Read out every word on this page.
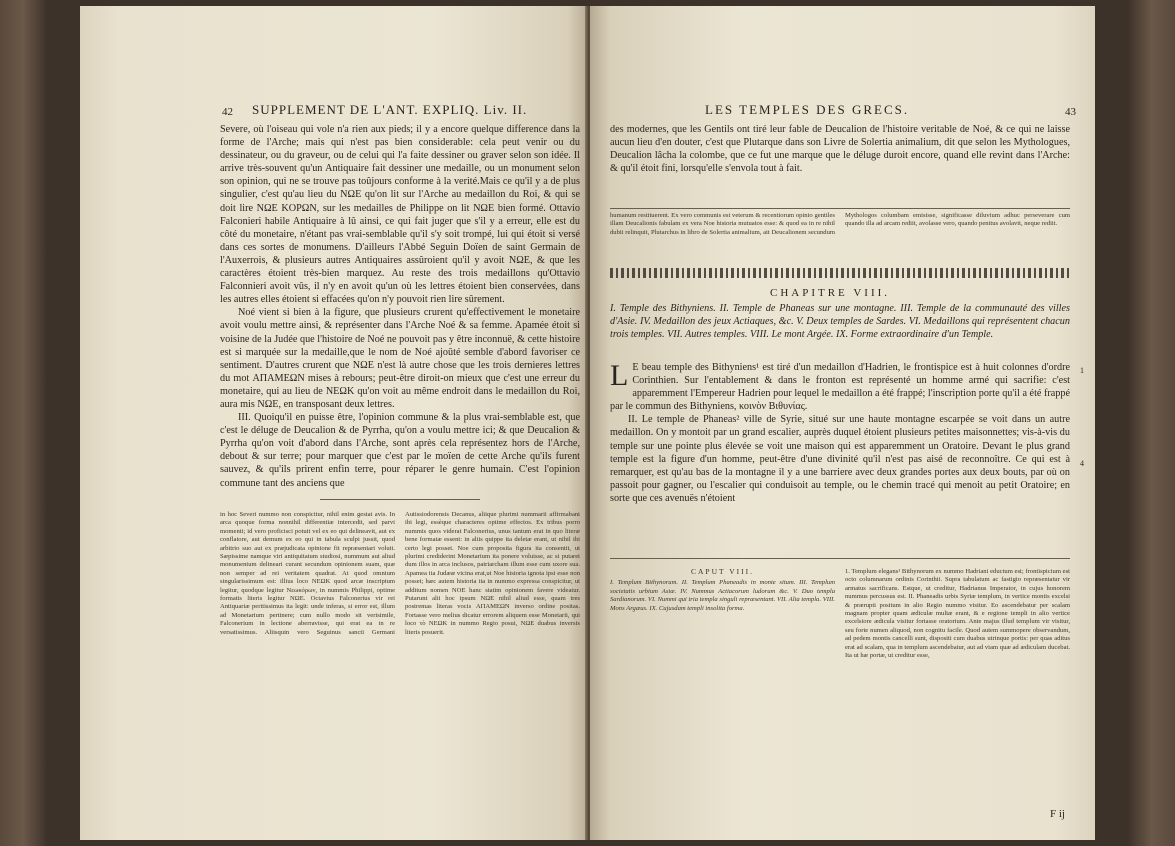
42 SUPPLEMENT DE L'ANT. EXPLIQ. Liv. II.
Severe, où l'oiseau qui vole n'a rien aux pieds; il y a encore quelque difference dans la forme de l'Arche; mais qui n'est pas bien considerable: cela peut venir ou du dessinateur, ou du graveur, ou de celui qui l'a faite dessiner ou graver selon son idée. Il arrive très-souvent qu'un Antiquaire fait dessiner une medaille, ou un monument selon son opinion, qui ne se trouve pas toûjours conforme à la verité.Mais ce qu'il y a de plus singulier, c'est qu'au lieu du ΝΩΕ qu'on lit sur l'Arche au medaillon du Roi, & qui se doit lire ΝΩΕ KOΡΩΝ, sur les medailles de Philippe on lit ΝΩΕ bien formé. Ottavio Falconieri habile Antiquaire à lû ainsi, ce qui fait juger que s'il y a erreur, elle est du côté du monetaire, n'étant pas vrai-semblable qu'il s'y soit trompé, lui qui étoit si versé dans ces sortes de monumens. D'ailleurs l'Abbé Seguin Doïen de saint Germain de l'Auxerrois, & plusieurs autres Antiquaires assûroient qu'il y avoit ΝΩΕ, & que les caractères étoient très-bien marquez. Au reste des trois medaillons qu'Ottavio Falconnieri avoit vûs, il n'y en avoit qu'un où les lettres étoient bien conservées, dans les autres elles étoient si effacées qu'on n'y pouvoit rien lire sûrement.
Noé vient si bien à la figure, que plusieurs crurent qu'effectivement le monetaire avoit voulu mettre ainsi, & représenter dans l'Arche Noé & sa femme. Apamée étoit si voisine de la Judée que l'histoire de Noé ne pouvoit pas y être inconnuë, & cette histoire est si marquée sur la medaille,que le nom de Noé ajoûté semble d'abord favoriser ce sentiment. D'autres crurent que ΝΩΕ n'est là autre chose que les trois dernieres lettres du mot ΑΠΑΜΕΩΝ mises à rebours; peut-être diroit-on mieux que c'est une erreur du monetaire, qui au lieu de ΝΕΩΚ qu'on voit au même endroit dans le medaillon du Roi, aura mis ΝΩΕ, en transposant deux lettres.
III. Quoiqu'il en puisse être, l'opinion commune & la plus vrai-semblable est, que c'est le déluge de Deucalion & de Pyrrha, qu'on a voulu mettre ici; & que Deucalion & Pyrrha qu'on voit d'abord dans l'Arche, sont après cela représentez hors de l'Arche, debout & sur terre; pour marquer que c'est par le moïen de cette Arche qu'ils furent sauvez, & qu'ils prirent enfin terre, pour réparer le genre humain. C'est l'opinion commune tant des anciens que
in hoc Severi nummo non conspicitur, nihil enim gestat avis. In arca quoque forma nonnihil differentiæ intercedit, sed parvi momenti; id vero proficisci potuit vel ex eo qui delineavit, aut ex conflatore, aut demum ex eo qui in tabula sculpi jussit, quod arbitrio suo aut ex præjudicata opinione fit repræsentari voluit. Sæpissime namque viri antiquitatum studiosi, nummum aut aliud monumentum delineari curant secundum opinionem suam, quæ non semper ad rei veritatem quadrat. At quod omnium singularissimum est: illius loco ΝΕΩΚ quod arcæ inscriptum legitur, quodque legitur Νεωκόρων, in nummis Philippi, optime formatis literis legitur ΝΩΕ. Octavius Falconerius vir rei Antiquariæ peritissimus ita legit: unde inferas, si error est, illum ad Monetarium pertinere; cum nullo modo sit verisimile, Falconerium in lectione aberravisse, qui erat ea in re versatissimus. Aliisquin vero Seguinus sancti Germani Autissiodorensis Decanus, aliique plurimi nummarii affirmabant ibi legi, essèque characteres optime effectos. Ex tribus porro nummis quos viderat Falconerius, unus tantum erat in quo literæ bene formatæ essent: in aliis quippe ita deletæ erant, ut nihil ibi certo legi posset. Noe cum proposita figura ita consentit, ut plurimi crediderint Monetarium ita ponere voluisse, ac si putaret dum illos in arca inclusos, patriarcham illum esse cum uxore sua. Apamea ita Judææ vicina erat,ut Noe historia ignota ipsi esse non posset; hæc autem historia ita in nummo expressa conspicitur, ut additum nomen ΝΟΕ hanc statim opinionem favere videatur. Putarunt alii hoc ipsum ΝΩΕ nihil aliud esse, quam tres postremas literas vocis ΑΠΑΜΕΩΝ inverso ordine positas. Fortasse vero melius dicatur errorem aliquem esse Monetarii, qui loco τὸ ΝΕΩΚ in nummo Regio posui, ΝΩΕ duabus inversis literis posuerit.
LES TEMPLES DES GRECS.	43
des modernes, que les Gentils ont tiré leur fable de Deucalion de l'histoire veritable de Noé, & ce qui ne laisse aucun lieu d'en douter, c'est que Plutarque dans son Livre de Solertia animalium, dit que selon les Mythologues, Deucalion lâcha la colombe, que ce fut une marque que le déluge duroit encore, quand elle revint dans l'Arche: & qu'il étoit fini, lorsqu'elle s'envola tout à fait.
humanum restituerent. Ex vero communis est veterum & recentiorum opinio gentiles illam Deucalionis fabulam ex vera Noe historia mutuatos esse: & quod ea in re nihil dubii relinquit, Plutarchus in libro de Solertia animalium, ait Deucalionem secundum Mythologos columbam emisisse, significasse diluvium adhuc perseverare cum quando illa ad arcam rediit, avolasse vero, quando penitus avolavit, neque rediit.
CHAPITRE VIII.
I. Temple des Bithyniens. II. Temple de Phaneas sur une montagne. III. Temple de la communauté des villes d'Asie. IV. Medaillon des jeux Actiaques, &c. V. Deux temples de Sardes. VI. Medaillons qui représentent chacun trois temples. VII. Autres temples. VIII. Le mont Argée. IX. Forme extraordinaire d'un Temple.
L E beau temple des Bithyniens¹ est tiré d'un medaillon d'Hadrien, le frontispice est à huit colonnes d'ordre Corinthien. Sur l'entablement & dans le fronton est représenté un homme armé qui sacrifie: c'est apparemment l'Empereur Hadrien pour lequel le medaillon a été frappé; l'inscription porte qu'il a été frappé par le commun des Bithyniens, κοινὸν Βιθυνίας.
II. Le temple de Phaneas² ville de Syrie, situé sur une haute montagne escarpée se voit dans un autre medaillon. On y montoit par un grand escalier, auprès duquel étoient plusieurs petites maisonnettes; vis-à-vis du temple sur une pointe plus élevée se voit une maison qui est apparemment un Oratoire. Devant le plus grand temple est la figure d'un homme, peut-être d'une divinité qu'il n'est pas aisé de reconnoître. Ce qui est à remarquer, est qu'au bas de la montagne il y a une barriere avec deux grandes portes aux deux bouts, par où on passoit pour gagner, ou l'escalier qui conduisoit au temple, ou le chemin tracé qui menoit au petit Oratoire; en sorte que ces avenuës n'étoient
1
4
CAPUT VIII.
I. Templum Bithynorum. II. Templum Phaneadis in monte situm. III. Templum societatis urbium Asiæ. IV. Nummus Actiacorum ludorum &c. V. Duo templa Sardianorum. VI. Nummi qui tria templa singuli repræsentant. VII. Alia templa. VIII. Mons Argæus. IX. Cujusdam templi insolita forma.
1. Templum elegans¹ Bithynorum ex nummo Hadriani eductum est; frontispicium est octo columnarum ordinis Corinthii. Supra tabulatum ac fastigio repræsentatur vir armatus sacrificans. Estque, ut creditur, Hadrianus Imperator, in cujus honorem nummus percussus est. II. Phaneadis urbis Syriæ templum, in vertice montis excelsi & prærupti positum in alio Regio nummo visitur. Eo ascendebatur per scalam magnam propter quam ædiculæ multæ erant, & e regione templi in alio vertice excelsiore ædicula visitur fortasse oratorium. Ante majus illud templum vir visitur, seu forte numen aliquod, non cognitu facile. Quod autem summopere observandum, ad pedem montis cancelli sunt, dispositi cum duabus utrinque portis: per quas aditus erat ad scalam, qua in templum ascendebatur, aut ad viam quæ ad ædiculam ducebat. Ita ut hæ portæ, ut creditur esse,
F ij
